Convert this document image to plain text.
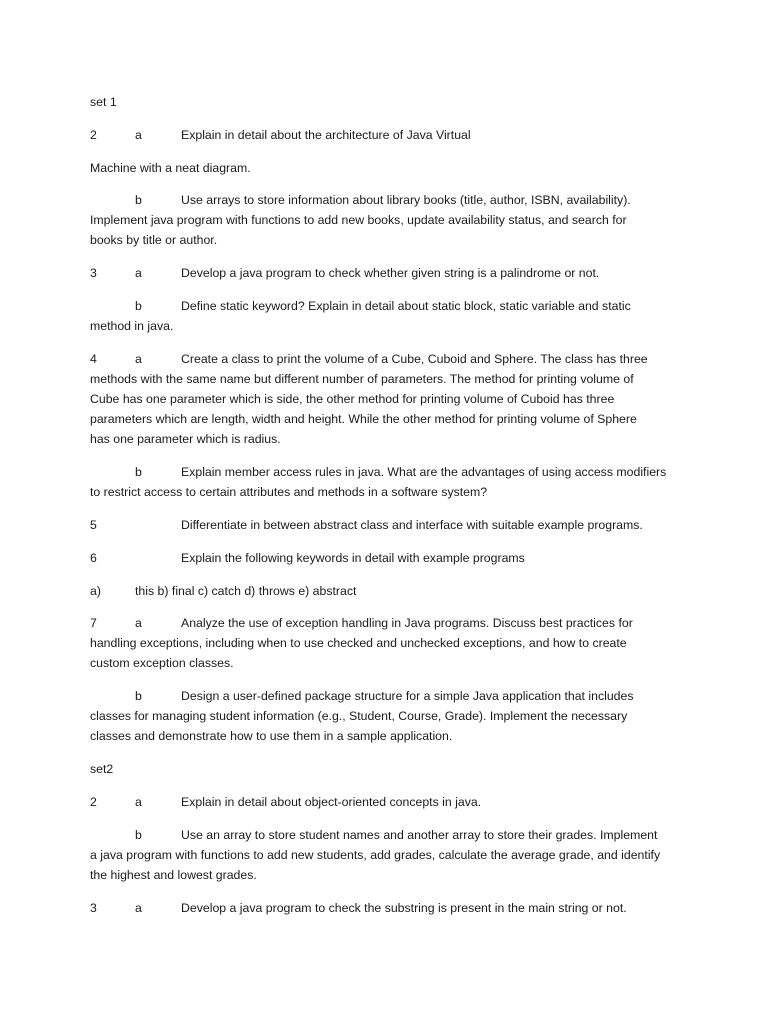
set 1
2	a	Explain in detail about the architecture of Java Virtual
Machine with a neat diagram.
b	Use arrays to store information about library books (title, author, ISBN, availability).
Implement java program with functions to add new books, update availability status, and search for
books by title or author.
3	a	Develop a java program to check whether given string is a palindrome or not.
b	Define static keyword? Explain in detail about static block, static variable and static
method in java.
4	a	Create a class to print the volume of a Cube, Cuboid and Sphere. The class has three
methods with the same name but different number of parameters. The method for printing volume of
Cube has one parameter which is side, the other method for printing volume of Cuboid has three
parameters which are length, width and height. While the other method for printing volume of Sphere
has one parameter which is radius.
b	Explain member access rules in java. What are the advantages of using access modifiers
to restrict access to certain attributes and methods in a software system?
5	Differentiate in between abstract class and interface with suitable example programs.
6	Explain the following keywords in detail with example programs
a)	this b) final c) catch d) throws e) abstract
7	a	Analyze the use of exception handling in Java programs. Discuss best practices for
handling exceptions, including when to use checked and unchecked exceptions, and how to create
custom exception classes.
b	Design a user-defined package structure for a simple Java application that includes
classes for managing student information (e.g., Student, Course, Grade). Implement the necessary
classes and demonstrate how to use them in a sample application.
set2
2	a	Explain in detail about object-oriented concepts in java.
b	Use an array to store student names and another array to store their grades. Implement
a java program with functions to add new students, add grades, calculate the average grade, and identify
the highest and lowest grades.
3	a	Develop a java program to check the substring is present in the main string or not.
